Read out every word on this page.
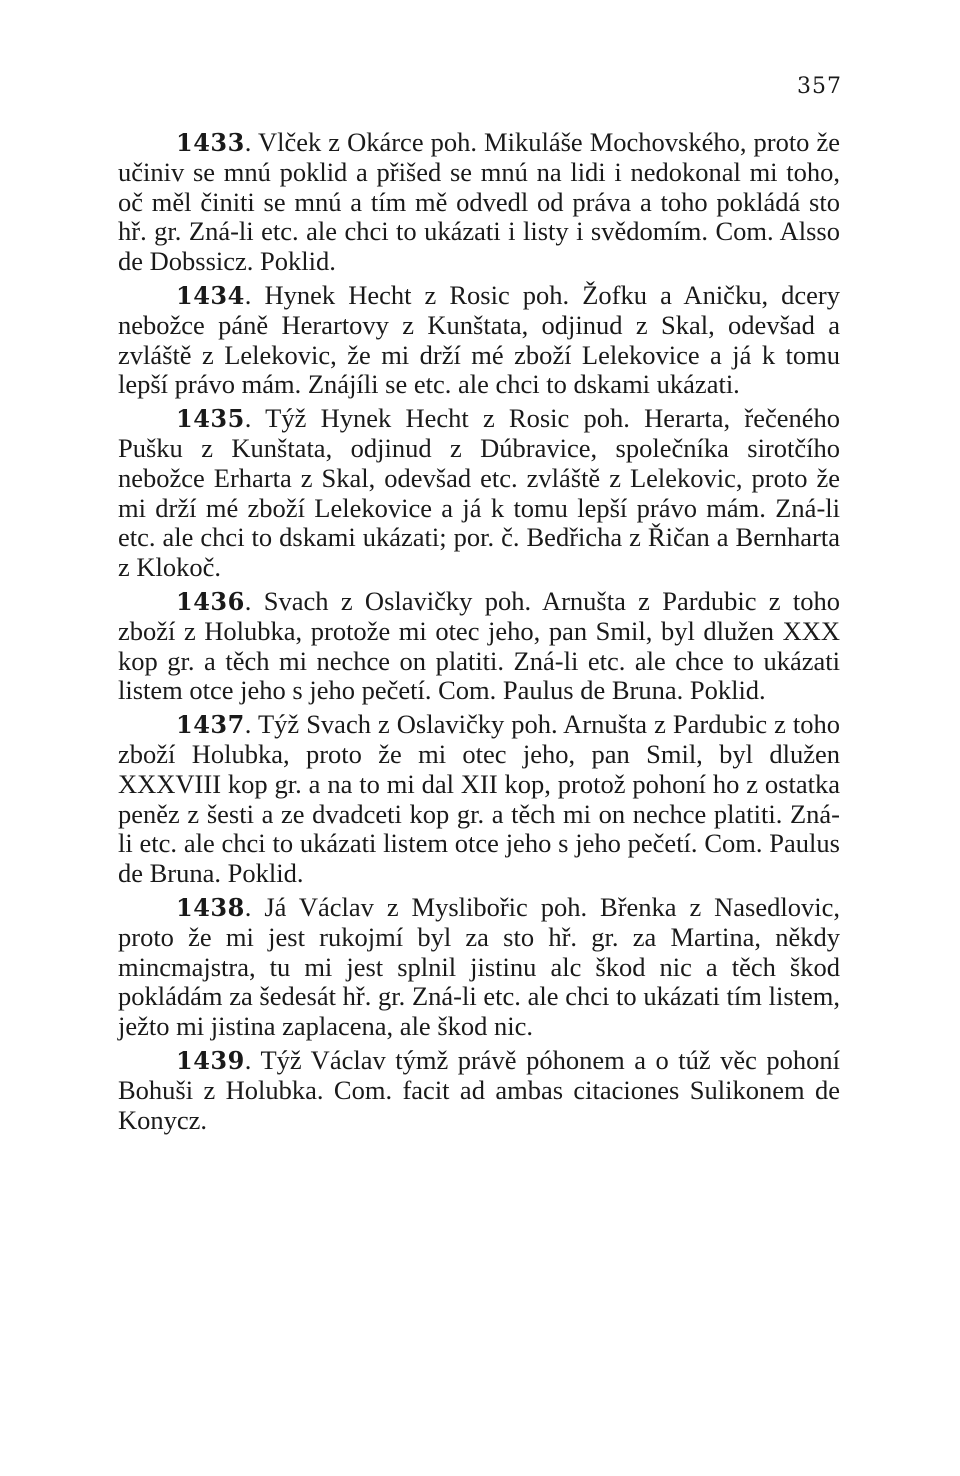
357

1433. Vlček z Okárce poh. Mikuláše Mochovského, proto že učiniv se mnú poklid a přišed se mnú na lidi i nedokonal mi toho, oč měl činiti se mnú a tím mě odvedl od práva a toho pokládá sto hř. gr. Zná-li etc. ale chci to ukázati i listy i svědomím. Com. Alsso de Dobssicz. Poklid.

1434. Hynek Hecht z Rosic poh. Žofku a Aničku, dcery nebožce páně Herartovy z Kunštata, odjinud z Skal, odevšad a zvláště z Lelekovic, že mi drží mé zboží Lelekovice a já k tomu lepší právo mám. Znájíli se etc. ale chci to dskami ukázati.

1435. Týž Hynek Hecht z Rosic poh. Herarta, řečeného Pušku z Kunštata, odjinud z Dúbravice, společníka sirotčího nebožce Erharta z Skal, odevšad etc. zvláště z Lelekovic, proto že mi drží mé zboží Lelekovice a já k tomu lepší právo mám. Zná-li etc. ale chci to dskami ukázati; por. č. Bedřicha z Řičan a Bernharta z Klokoč.

1436. Svach z Oslavičky poh. Arnušta z Pardubic z toho zboží z Holubka, protože mi otec jeho, pan Smil, byl dlužen XXX kop gr. a těch mi nechce on platiti. Zná-li etc. ale chce to ukázati listem otce jeho s jeho pečetí. Com. Paulus de Bruna. Poklid.

1437. Týž Svach z Oslavičky poh. Arnušta z Pardubic z toho zboží Holubka, proto že mi otec jeho, pan Smil, byl dlužen XXXVIII kop gr. a na to mi dal XII kop, protož pohoní ho z ostatka peněz z šesti a ze dvadceti kop gr. a těch mi on nechce platiti. Zná-li etc. ale chci to ukázati listem otce jeho s jeho pečetí. Com. Paulus de Bruna. Poklid.

1438. Já Václav z Myslibořic poh. Břenka z Nasedlovic, proto že mi jest rukojmí byl za sto hř. gr. za Martina, někdy mincmajstra, tu mi jest splnil jistinu alc škod nic a těch škod pokládám za šedesát hř. gr. Zná-li etc. ale chci to ukázati tím listem, ježto mi jistina zaplacena, ale škod nic.

1439. Týž Václav týmž právě póhonem a o túž věc pohoní Bohuši z Holubka. Com. facit ad ambas citaciones Sulikonem de Konycz.
